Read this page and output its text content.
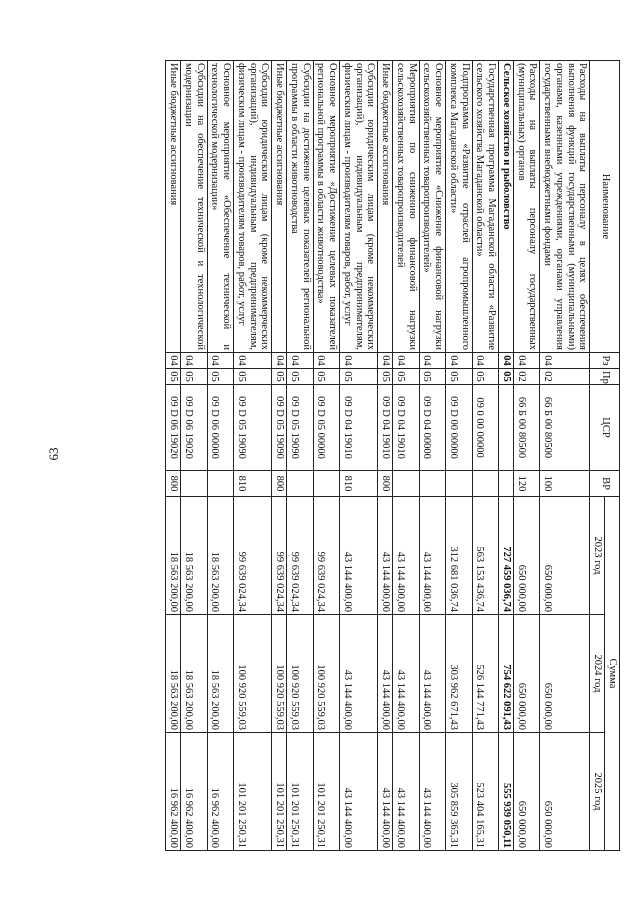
63
Наименование	Рз	Пр	ЦСР	ВР	Сумма		
					2023 год	2024 год	2025 год
Расходы на выплаты персоналу в целях обеспечения выполнения функций государственными (муниципальными) органами, казенными учреждениями, органами управления государственными внебюджетными фондами	04	02	66 Б 00 80500	100	650 000,00	650 000,00	650 000,00
Расходы на выплаты персоналу государственных (муниципальных) органов	04	02	66 Б 00 80500	120	650 000,00	650 000,00	650 000,00
Сельское хозяйство и рыболовство	04	05			727 459 036,74	754 622 091,43	555 939 050,11
Государственная программа Магаданской области «Развитие сельского хозяйства Магаданской области»	04	05	09 0 00 00000		563 153 436,74	526 144 771,43	523 404 165,31
Подпрограмма «Развитие отраслей агропромышленного комплекса Магаданской области»	04	05	09 D 00 00000		312 681 036,74	303 962 671,43	305 859 365,31
Основное мероприятие «Снижение финансовой нагрузки сельскохозяйственных товаропроизводителей»	04	05	09 D 04 00000		43 144 400,00	43 144 400,00	43 144 400,00
Мероприятия по снижению финансовой нагрузки сельскохозяйственных товаропроизводителей	04	05	09 D 04 19010		43 144 400,00	43 144 400,00	43 144 400,00
Иные бюджетные ассигнования	04	05	09 D 04 19010	800	43 144 400,00	43 144 400,00	43 144 400,00
Субсидии юридическим лицам (кроме некоммерческих организаций), индивидуальным предпринимателям, физическим лицам - производителям товаров, работ, услуг	04	05	09 D 04 19010	810	43 144 400,00	43 144 400,00	43 144 400,00
Основное мероприятие «Достижение целевых показателей региональной программы в области животноводства»	04	05	09 D 05 00000		99 639 024,34	100 920 559,03	101 201 250,31
Субсидии на достижение целевых показателей региональной программы в области животноводства	04	05	09 D 05 19090		99 639 024,34	100 920 559,03	101 201 250,31
Иные бюджетные ассигнования	04	05	09 D 05 19090	800	99 639 024,34	100 920 559,03	101 201 250,31
Субсидии юридическим лицам (кроме некоммерческих организаций), индивидуальным предпринимателям, физическим лицам - производителям товаров, работ, услуг	04	05	09 D 05 19090	810	99 639 024,34	100 920 559,03	101 201 250,31
Основное мероприятие «Обеспечение технической и технологической модернизации»	04	05	09 D 06 00000		18 563 200,00	18 563 200,00	16 962 400,00
Субсидии на обеспечение технической и технологической модернизации	04	05	09 D 06 19020		18 563 200,00	18 563 200,00	16 962 400,00
Иные бюджетные ассигнования	04	05	09 D 06 19020	800	18 563 200,00	18 563 200,00	16 962 400,00
